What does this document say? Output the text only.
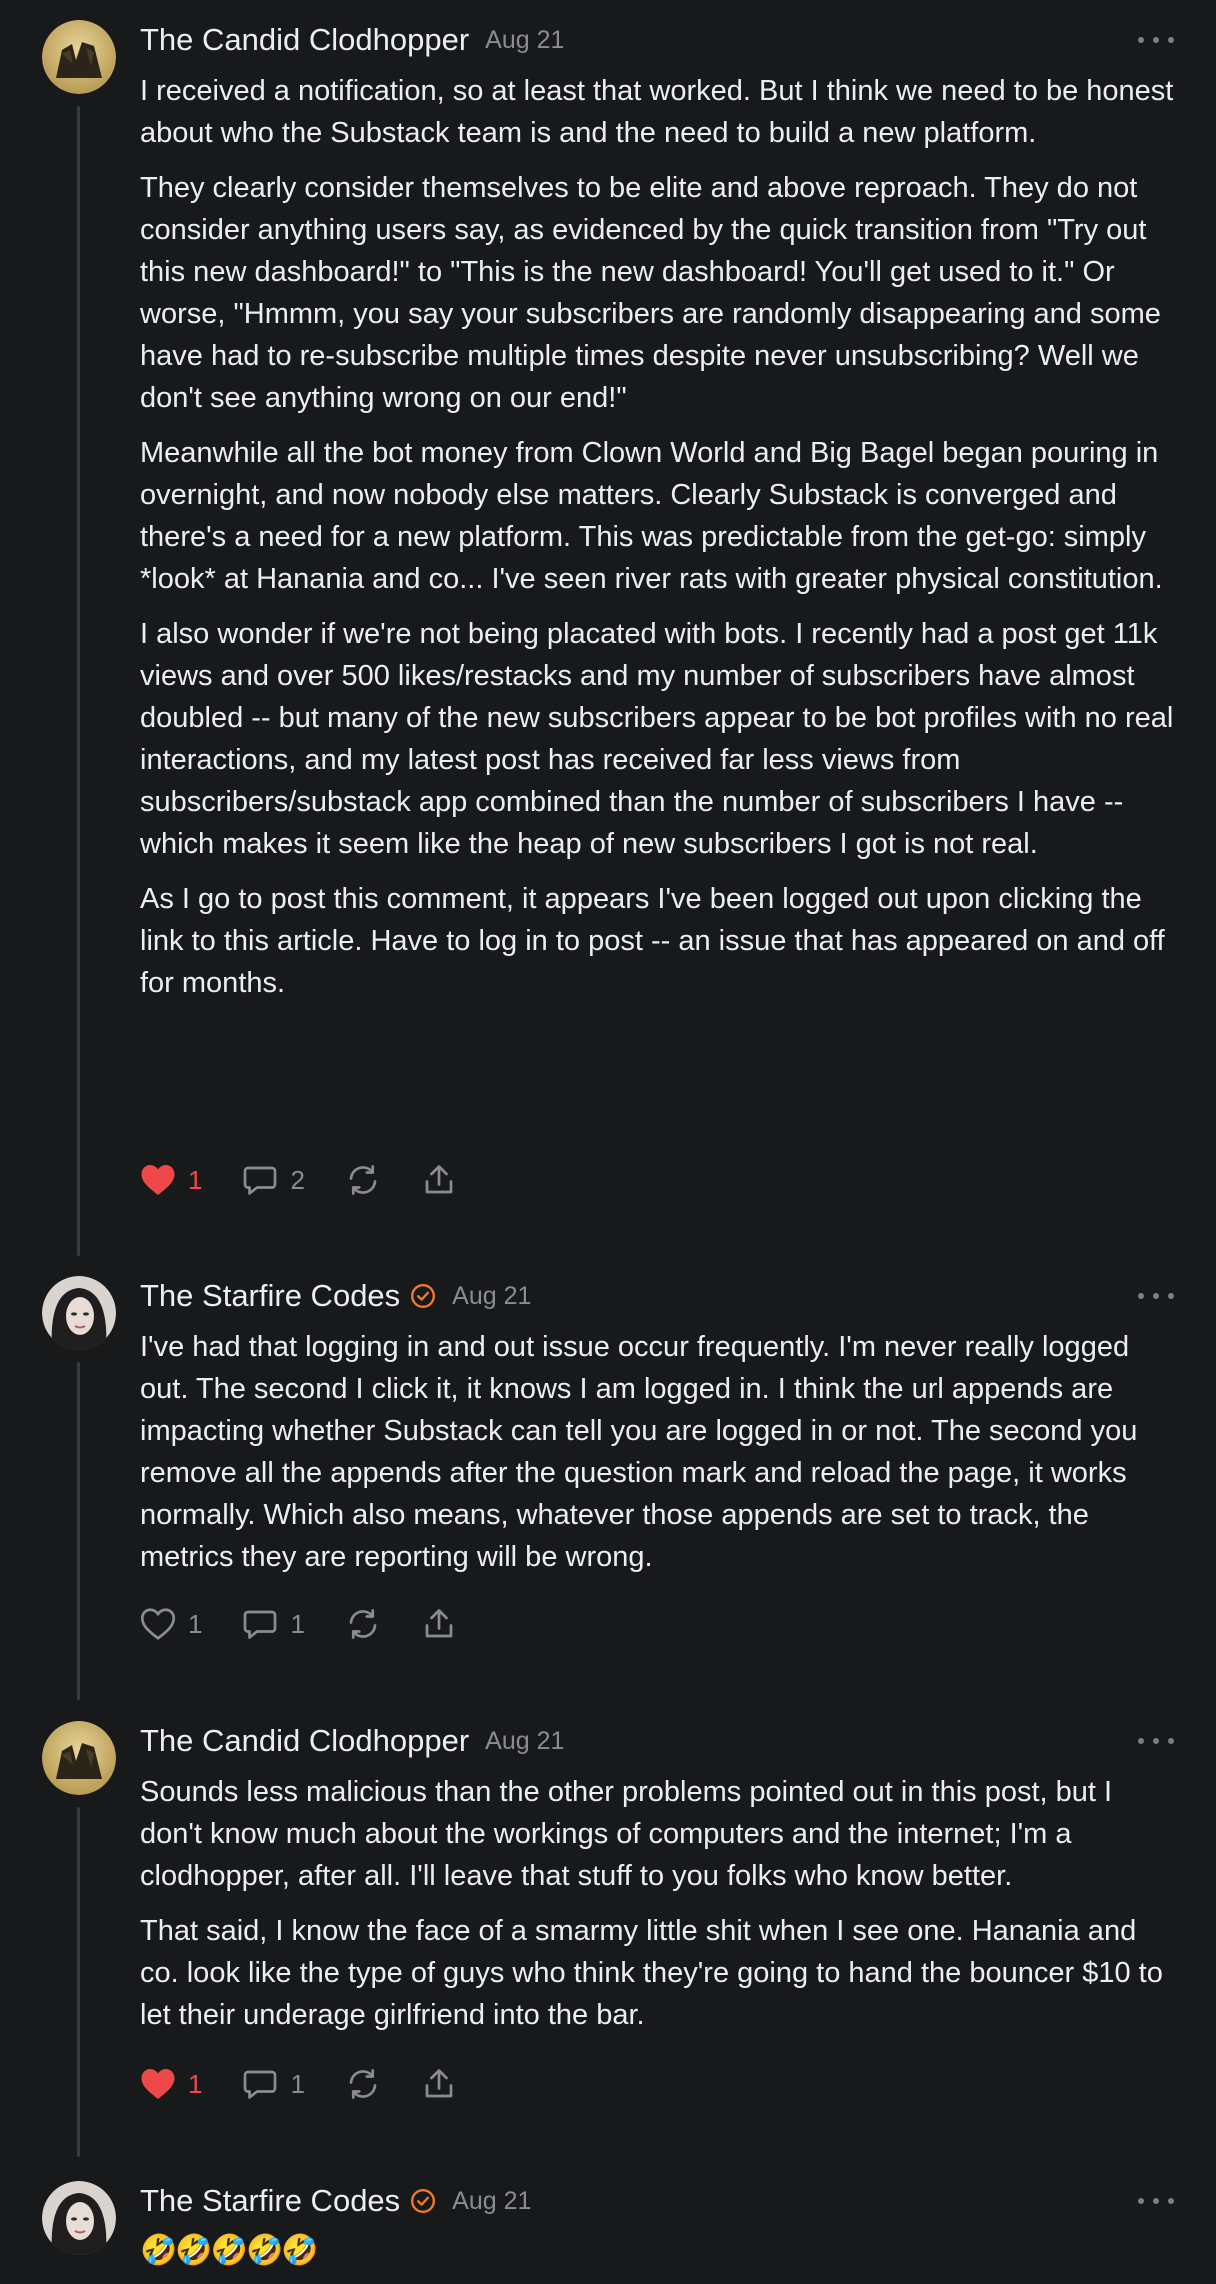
The Candid Clodhopper Aug 21

I received a notification, so at least that worked. But I think we need to be honest about who the Substack team is and the need to build a new platform.

They clearly consider themselves to be elite and above reproach. They do not consider anything users say, as evidenced by the quick transition from "Try out this new dashboard!" to "This is the new dashboard! You'll get used to it." Or worse, "Hmmm, you say your subscribers are randomly disappearing and some have had to re-subscribe multiple times despite never unsubscribing? Well we don't see anything wrong on our end!"

Meanwhile all the bot money from Clown World and Big Bagel began pouring in overnight, and now nobody else matters. Clearly Substack is converged and there's a need for a new platform. This was predictable from the get-go: simply *look* at Hanania and co... I've seen river rats with greater physical constitution.

I also wonder if we're not being placated with bots. I recently had a post get 11k views and over 500 likes/restacks and my number of subscribers have almost doubled -- but many of the new subscribers appear to be bot profiles with no real interactions, and my latest post has received far less views from subscribers/substack app combined than the number of subscribers I have -- which makes it seem like the heap of new subscribers I got is not real.

As I go to post this comment, it appears I've been logged out upon clicking the link to this article. Have to log in to post -- an issue that has appeared on and off for months.

1	2
The Starfire Codes Aug 21

I've had that logging in and out issue occur frequently. I'm never really logged out. The second I click it, it knows I am logged in. I think the url appends are impacting whether Substack can tell you are logged in or not. The second you remove all the appends after the question mark and reload the page, it works normally. Which also means, whatever those appends are set to track, the metrics they are reporting will be wrong.

1	1
The Candid Clodhopper Aug 21

Sounds less malicious than the other problems pointed out in this post, but I don't know much about the workings of computers and the internet; I'm a clodhopper, after all. I'll leave that stuff to you folks who know better.

That said, I know the face of a smarmy little shit when I see one. Hanania and co. look like the type of guys who think they're going to hand the bouncer $10 to let their underage girlfriend into the bar.

1	1
The Starfire Codes Aug 21
🤣🤣🤣🤣🤣
